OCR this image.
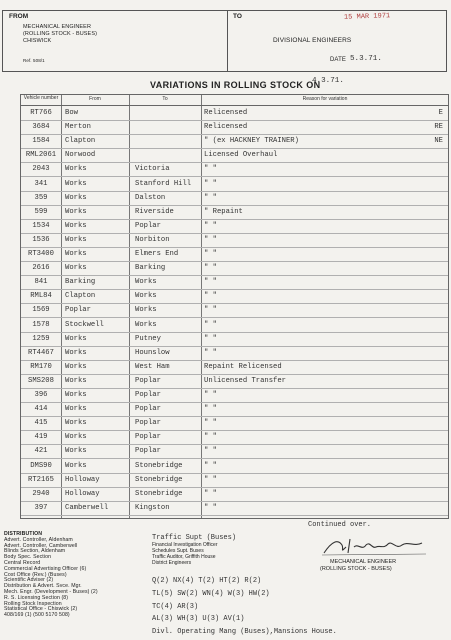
FROM	TO
MECHANICAL ENGINEER
(ROLLING STOCK - BUSES)
CHISWICK
Ref. 508/1
DIVISIONAL ENGINEERS
DATE 5.3.71.
15 MAR 1971
VARIATIONS IN ROLLING STOCK ON
4.3.71.
Vehicle number	From	To	Reason for variation
RT766	Bow	Relicensed	E
3684	Merton	Relicensed	RE
1584	Clapton	" (ex HACKNEY TRAINER)	NE
RML2061	Norwood	Licensed Overhaul
2043	Works	Victoria	" "
341	Works	Stanford Hill	" "
359	Works	Dalston	" "
599	Works	Riverside	" Repaint
1534	Works	Poplar	" "
1536	Works	Norbiton	" "
RT3400	Works	Elmers End	" "
2616	Works	Barking	" "
841	Barking	Works	" "
RML84	Clapton	Works	" "
1569	Poplar	Works	" "
1578	Stockwell	Works	" "
1259	Works	Putney	" "
RT4467	Works	Hounslow	" "
RM170	Works	West Ham	Repaint Relicensed
SMS208	Works	Poplar	Unlicensed Transfer
396	Works	Poplar	" "
414	Works	Poplar	" "
415	Works	Poplar	" "
419	Works	Poplar	" "
421	Works	Poplar	" "
DMS90	Works	Stonebridge	" "
RT2165	Holloway	Stonebridge	" "
2940	Holloway	Stonebridge	" "
397	Camberwell	Kingston	" "
DISTRIBUTION
Advert. Controller, Aldenham
Advert. Controller, Camberwell
Blinds Section, Aldenham
Body Spec. Section
Central Record
Commercial Advertising Officer (6)
Cost Office (Rev.) (Buses)
Scientific Adviser (2)
Distribution & Advert. Svce. Mgr.
Mech. Engr. (Development - Buses) (2)
R. S. Licensing Section (8)
Rolling Stock Inspection
Statistical Office - Chiswick (2)
408/169 (1) (500 5170 508)
Traffic Supt (Buses)
Financial Investigation Officer
Schedules Supt. Buses
Traffic Auditor, Griffith House
District Engineers
Q(2) NX(4) T(2) HT(2) R(2)
TL(5) SW(2) WN(4) W(3) HW(2)
TC(4) AR(3)
AL(3) WH(3) U(3) AV(1)
Divl. Operating Mang (Buses),Mansions House.
Continued over.
MECHANICAL ENGINEER
(ROLLING STOCK - BUSES)
